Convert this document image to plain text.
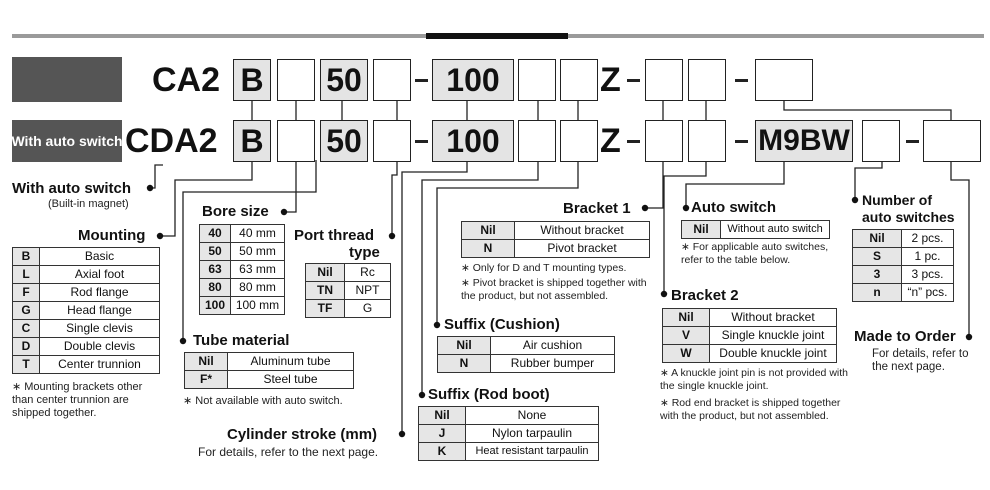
CA2 B 50	100	Z
With auto switch CDA2 B 50	100	Z	M9BW
With auto switch
(Built-in magnet)
Mounting
B	Basic
L	Axial foot
F	Rod flange
G	Head flange
C	Single clevis
D	Double clevis
T	Center trunnion
∗ Mounting brackets other than center trunnion are shipped together.
Bore size
40	40 mm
50	50 mm
63	63 mm
80	80 mm
100	100 mm
Port thread
type
Nil	Rc
TN	NPT
TF	G
Tube material
Nil	Aluminum tube
F*	Steel tube
∗ Not available with auto switch.
Cylinder stroke (mm)
For details, refer to the next page.
Bracket 1
Nil	Without bracket
N	Pivot bracket
∗ Only for D and T mounting types.
∗ Pivot bracket is shipped together with the product, but not assembled.
Suffix (Cushion)
Nil	Air cushion
N	Rubber bumper
Suffix (Rod boot)
Nil	None
J	Nylon tarpaulin
K	Heat resistant tarpaulin
Auto switch
Nil	Without auto switch
∗ For applicable auto switches, refer to the table below.
Bracket 2
Nil	Without bracket
V	Single knuckle joint
W	Double knuckle joint
∗ A knuckle joint pin is not provided with the single knuckle joint.
∗ Rod end bracket is shipped together with the product, but not assembled.
Number of
auto switches
Nil	2 pcs.
S	1 pc.
3	3 pcs.
n	“n” pcs.
Made to Order
For details, refer to the next page.
